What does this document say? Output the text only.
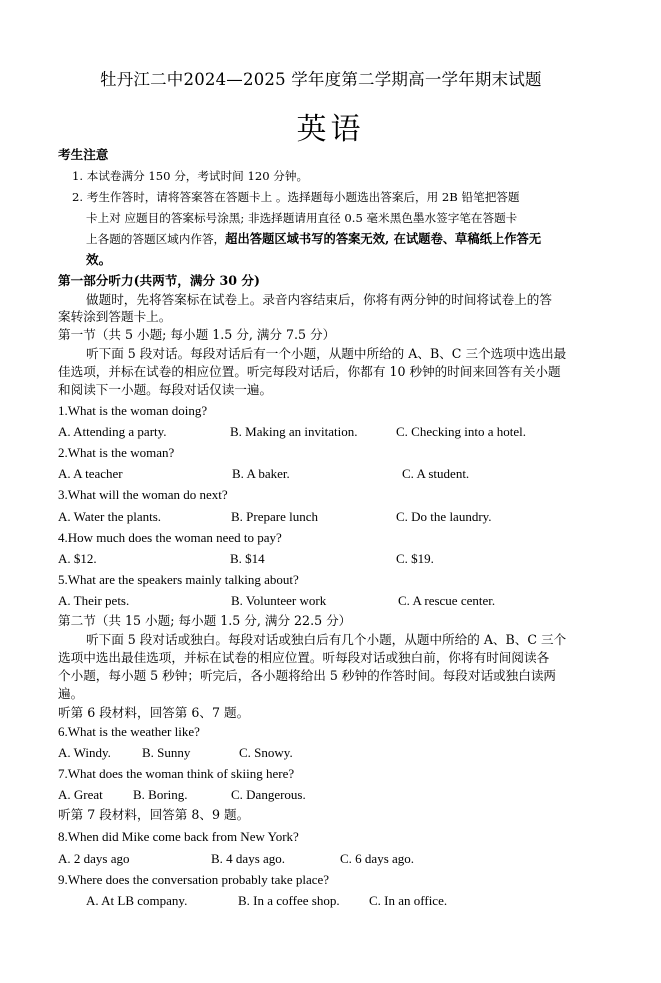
牡丹江二中2024—2025 学年度第二学期高一学年期末试题
英语
考生注意
1. 本试卷满分 150 分，考试时间 120 分钟。
2. 考生作答时，请将答案答在答题卡上 。选择题每小题选出答案后，用 2B 铅笔把答题
卡上对 应题目的答案标号涂黑; 非选择题请用直径 0.5 毫米黑色墨水签字笔在答题卡
上各题的答题区域内作答，超出答题区域书写的答案无效, 在试题卷、草稿纸上作答无
效。
第一部分听力(共两节，满分 30 分)
做题时，先将答案标在试卷上。录音内容结束后，你将有两分钟的时间将试卷上的答
案转涂到答题卡上。
第一节（共 5 小题; 每小题 1.5 分, 满分 7.5 分）
听下面 5 段对话。每段对话后有一个小题，从题中所给的 A、B、C 三个选项中选出最
佳选项，并标在试卷的相应位置。听完每段对话后，你都有 10 秒钟的时间来回答有关小题
和阅读下一小题。每段对话仅读一遍。
1.What is the woman doing?
A. Attending a party.	B. Making an invitation.	C. Checking into a hotel.
2.What is the woman?
A. A teacher	B. A baker.	C. A student.
3.What will the woman do next?
A. Water the plants.	B. Prepare lunch	C. Do the laundry.
4.How much does the woman need to pay?
A. $12.	B. $14	C. $19.
5.What are the speakers mainly talking about?
A. Their pets.	B. Volunteer work	C. A rescue center.
第二节（共 15 小题; 每小题 1.5 分, 满分 22.5 分）
听下面 5 段对话或独白。每段对话或独白后有几个小题，从题中所给的 A、B、C 三个
选项中选出最佳选项，并标在试卷的相应位置。听每段对话或独白前，你将有时间阅读各
个小题，每小题 5 秒钟；听完后，各小题将给出 5 秒钟的作答时间。每段对话或独白读两
遍。
听第 6 段材料，回答第 6、7 题。
6.What is the weather like?
A. Windy. B. Sunny	C. Snowy.
7.What does the woman think of skiing here?
A. Great B. Boring.	C. Dangerous.
听第 7 段材料，回答第 8、9 题。
8.When did Mike come back from New York?
A. 2 days ago	B. 4 days ago.	C. 6 days ago.
9.Where does the conversation probably take place?
A. At LB company.	B. In a coffee shop. C. In an office.
